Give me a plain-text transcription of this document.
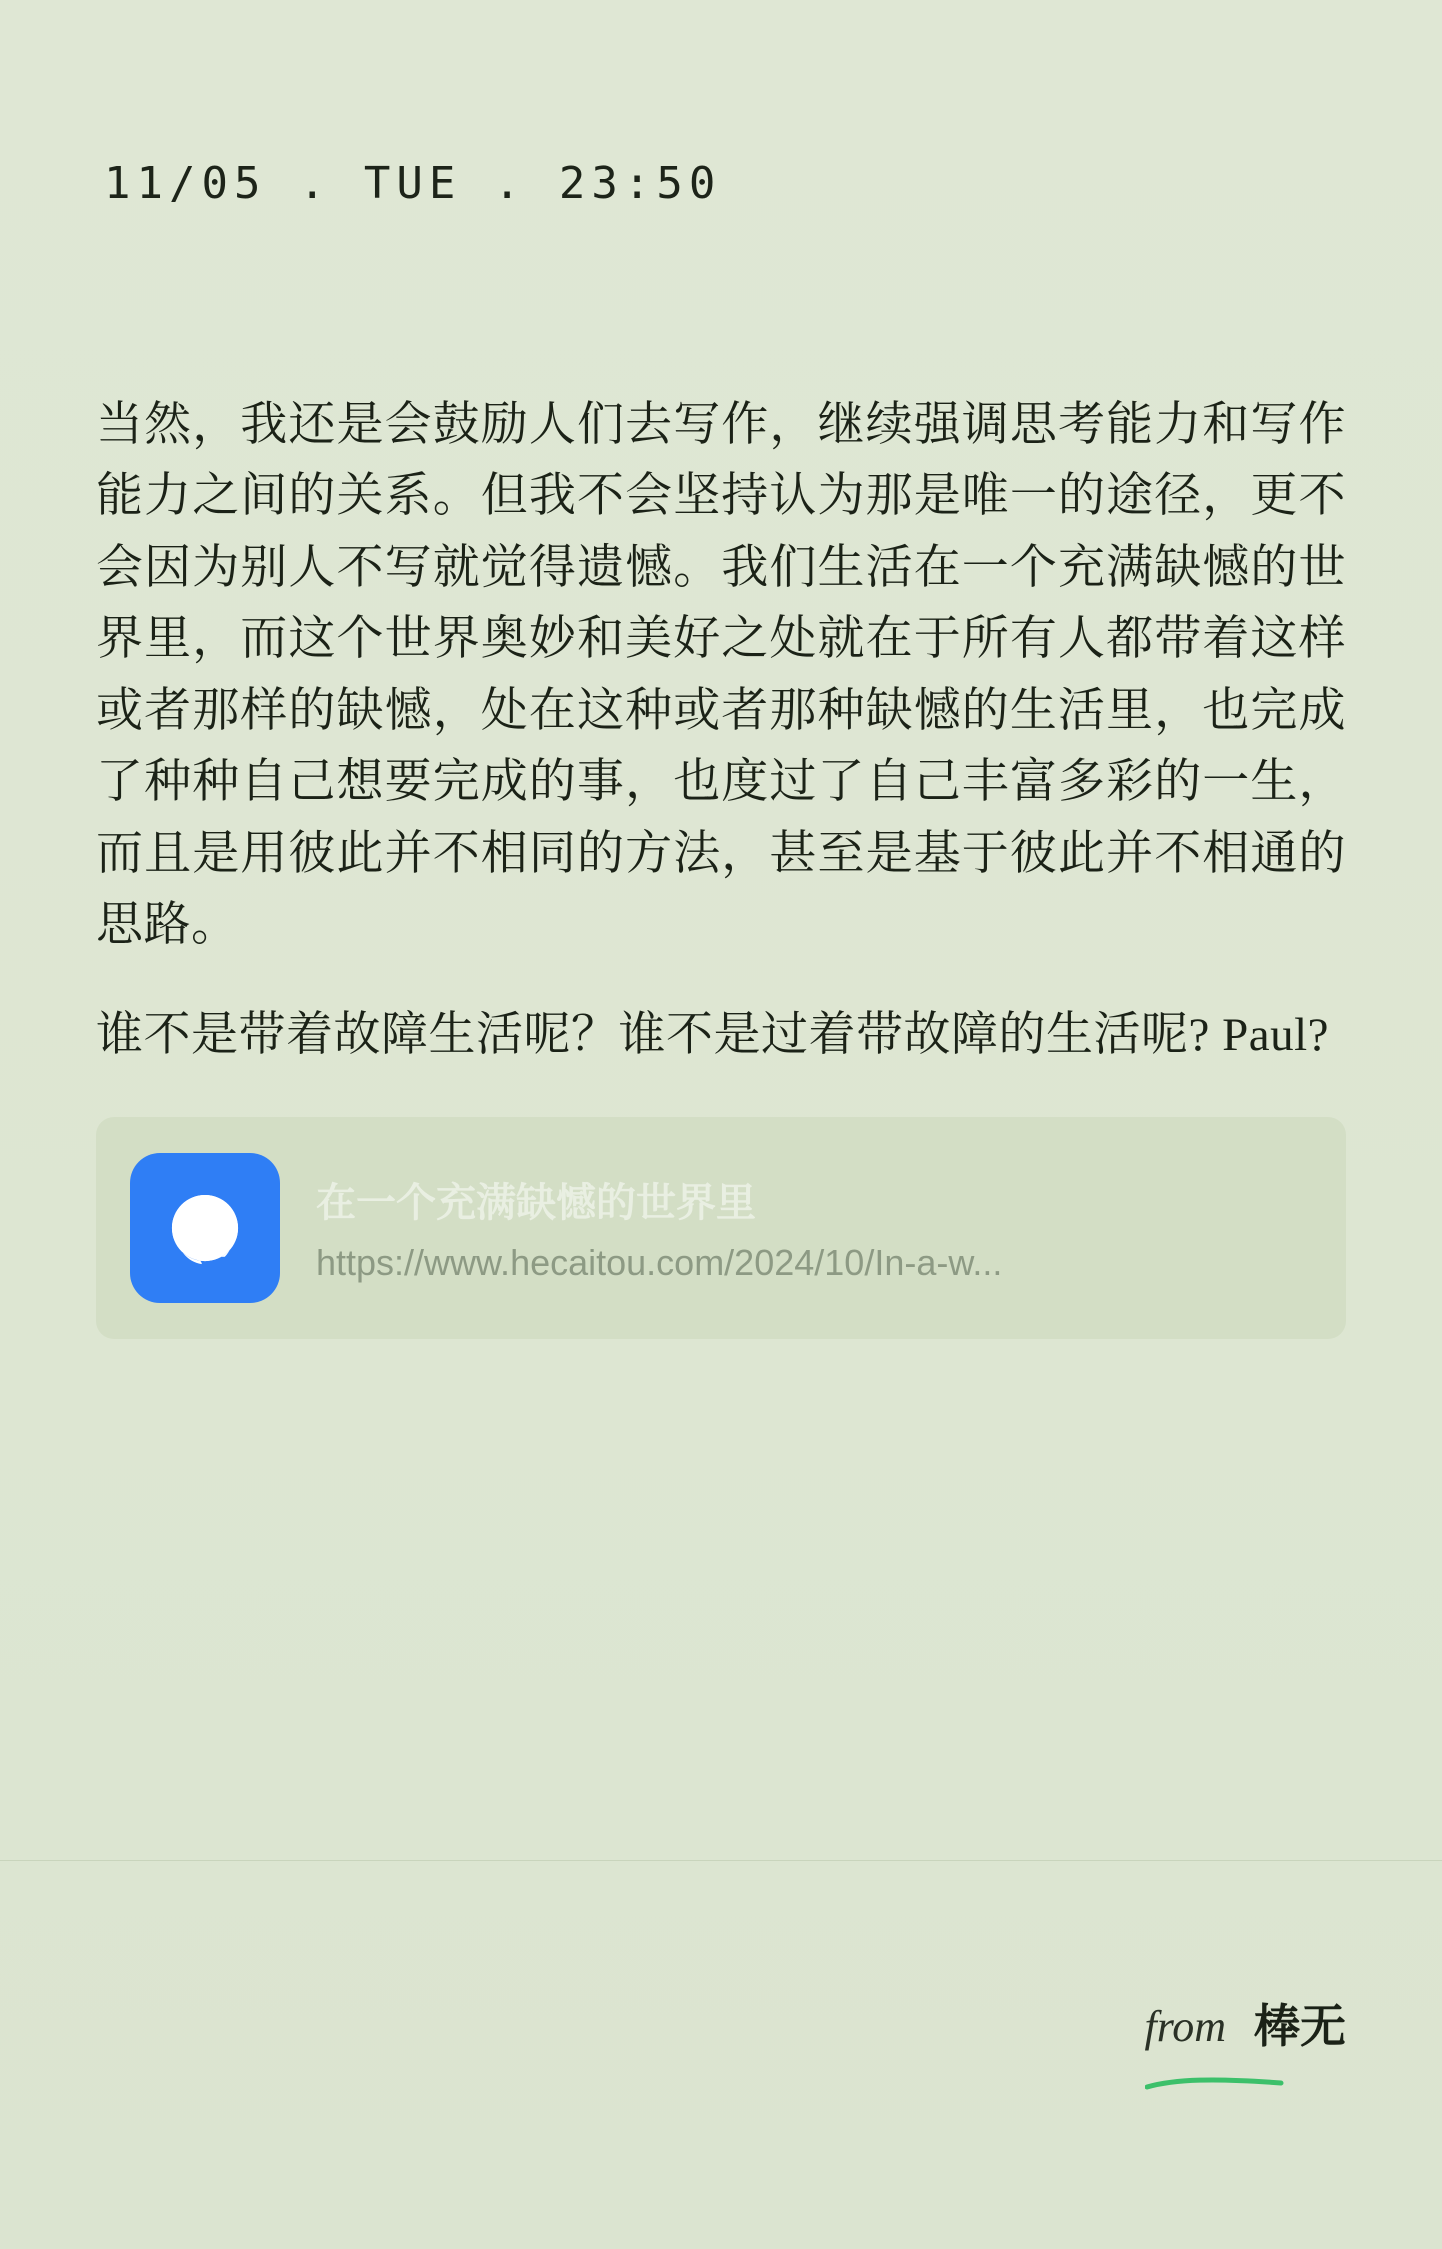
11/05 . TUE . 23:50

当然，我还是会鼓励人们去写作，继续强调思考能力和写作能力之间的关系。但我不会坚持认为那是唯一的途径，更不会因为别人不写就觉得遗憾。我们生活在一个充满缺憾的世界里，而这个世界奥妙和美好之处就在于所有人都带着这样或者那样的缺憾，处在这种或者那种缺憾的生活里，也完成了种种自己想要完成的事，也度过了自己丰富多彩的一生，而且是用彼此并不相同的方法，甚至是基于彼此并不相通的思路。

谁不是带着故障生活呢？谁不是过着带故障的生活呢? Paul?

在一个充满缺憾的世界里
https://www.hecaitou.com/2024/10/In-a-w...
from 棒无
